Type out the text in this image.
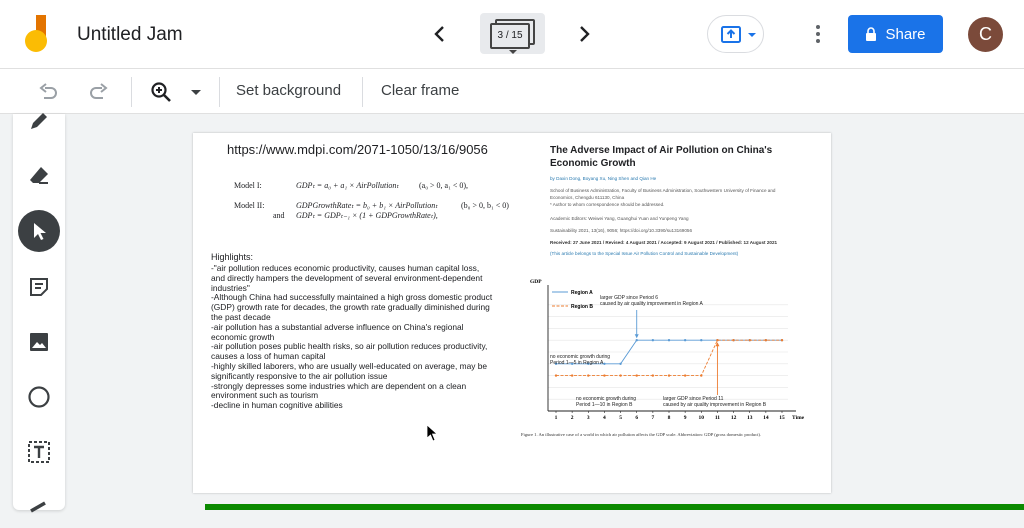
Untitled Jam	3 / 15	Share	C
Set background	Clear frame
https://www.mdpi.com/2071-1050/13/16/9056
Model I:	GDPₜ = a₀ + a₁ × AirPollutionₜ	(a₀ > 0, a₁ < 0),
Model II:	GDPGrowthRateₜ = b₀ + b₁ × AirPollutionₜ	(b₀ > 0, b₁ < 0)
and GDPₜ = GDPₜ₋₁ × (1 + GDPGrowthRateₜ),
Highlights:
-"air pollution reduces economic productivity, causes human capital loss,
and directly hampers the development of several environment-dependent
industries"
-Although China had successfully maintained a high gross domestic product
(GDP) growth rate for decades, the growth rate gradually diminished during
the past decade
-air pollution has a substantial adverse influence on China's regional
economic growth
-air pollution poses public health risks, so air pollution reduces productivity,
causes a loss of human capital
-highly skilled laborers, who are usually well-educated on average, may be
significantly responsive to the air pollution issue
-strongly depresses some industries which are dependent on a clean
environment such as tourism
-decline in human cognitive abilities
The Adverse Impact of Air Pollution on China's Economic Growth
by Daxin Dong, Boyang Xu, Ning Shen and Qian He
School of Business Administration, Faculty of Business Administration, Southwestern University of Finance and
Economics, Chengdu 611130, China
* Author to whom correspondence should be addressed.
Academic Editors: Weiwei Yang, Guanghui Yuan and Yunpeng Yang
Sustainability 2021, 13(16), 9056; https://doi.org/10.3390/su13169056
Received: 27 June 2021 / Revised: 4 August 2021 / Accepted: 9 August 2021 / Published: 12 August 2021
(This article belongs to the Special Issue Air Pollution Control and Sustainable Development)
GDP
Time
1 2 3 4 5 6 7 8 9 10 11 12 13 14 15
Region A
Region B
larger GDP since Period 6 caused by air quality improvement in Region A
no economic growth during Period 1—5 in Region A
no economic growth during Period 1—10 in Region B
larger GDP since Period 11 caused by air quality improvement in Region B
Figure 1. An illustrative case of a world in which air pollution affects the GDP scale. Abbreviation: GDP (gross domestic product).
